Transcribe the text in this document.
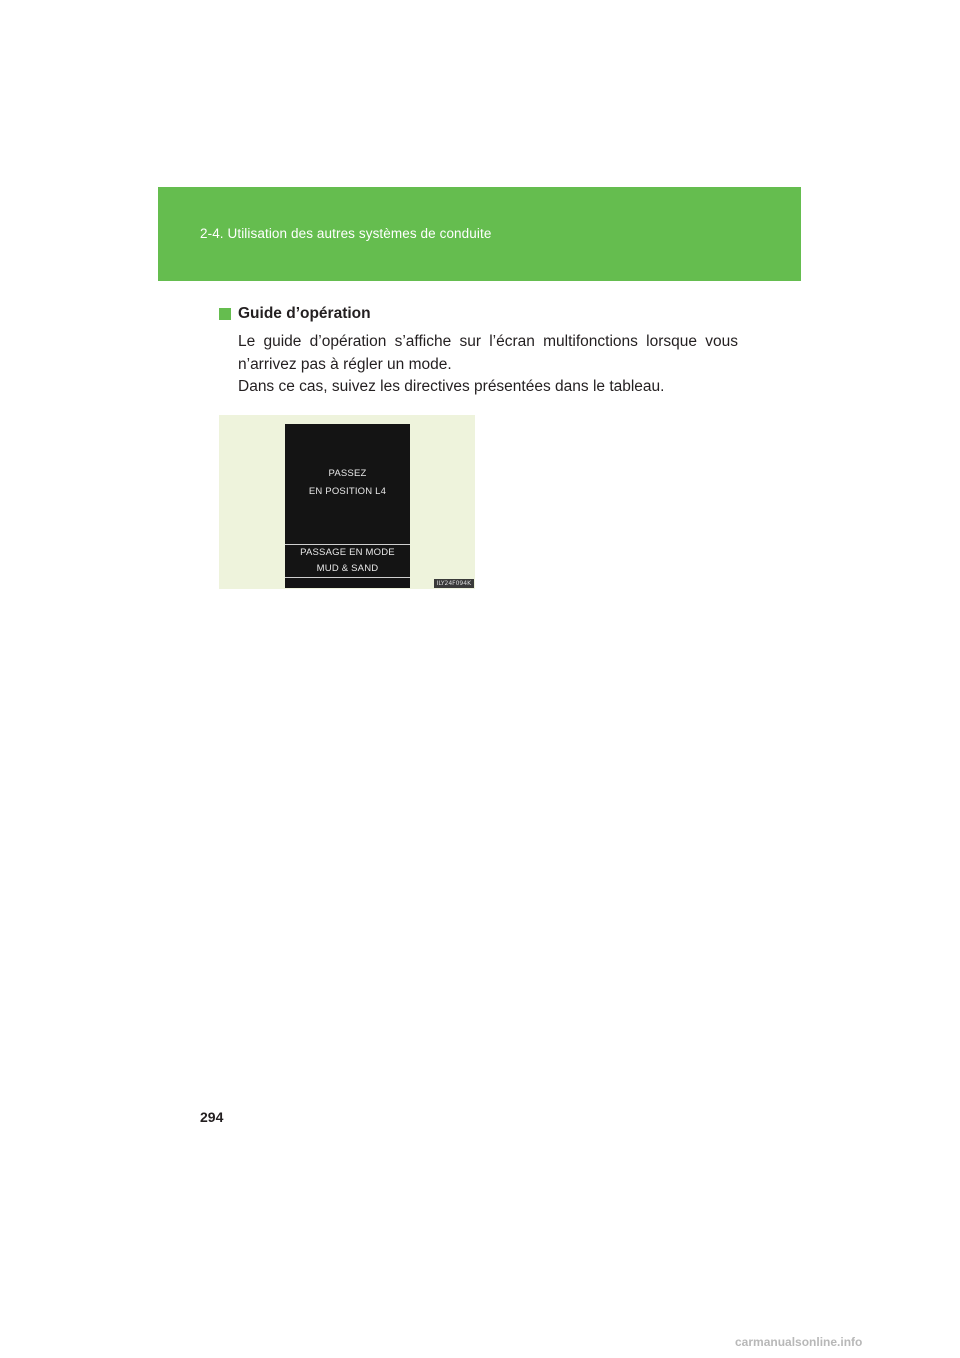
2-4. Utilisation des autres systèmes de conduite
Guide d’opération
Le guide d’opération s’affiche sur l’écran multifonctions lorsque vous
n’arrivez pas à régler un mode.
Dans ce cas, suivez les directives présentées dans le tableau.
PASSEZ
EN POSITION L4
PASSAGE EN MODE
MUD & SAND
ILY24F094K
294
carmanualsonline.info
